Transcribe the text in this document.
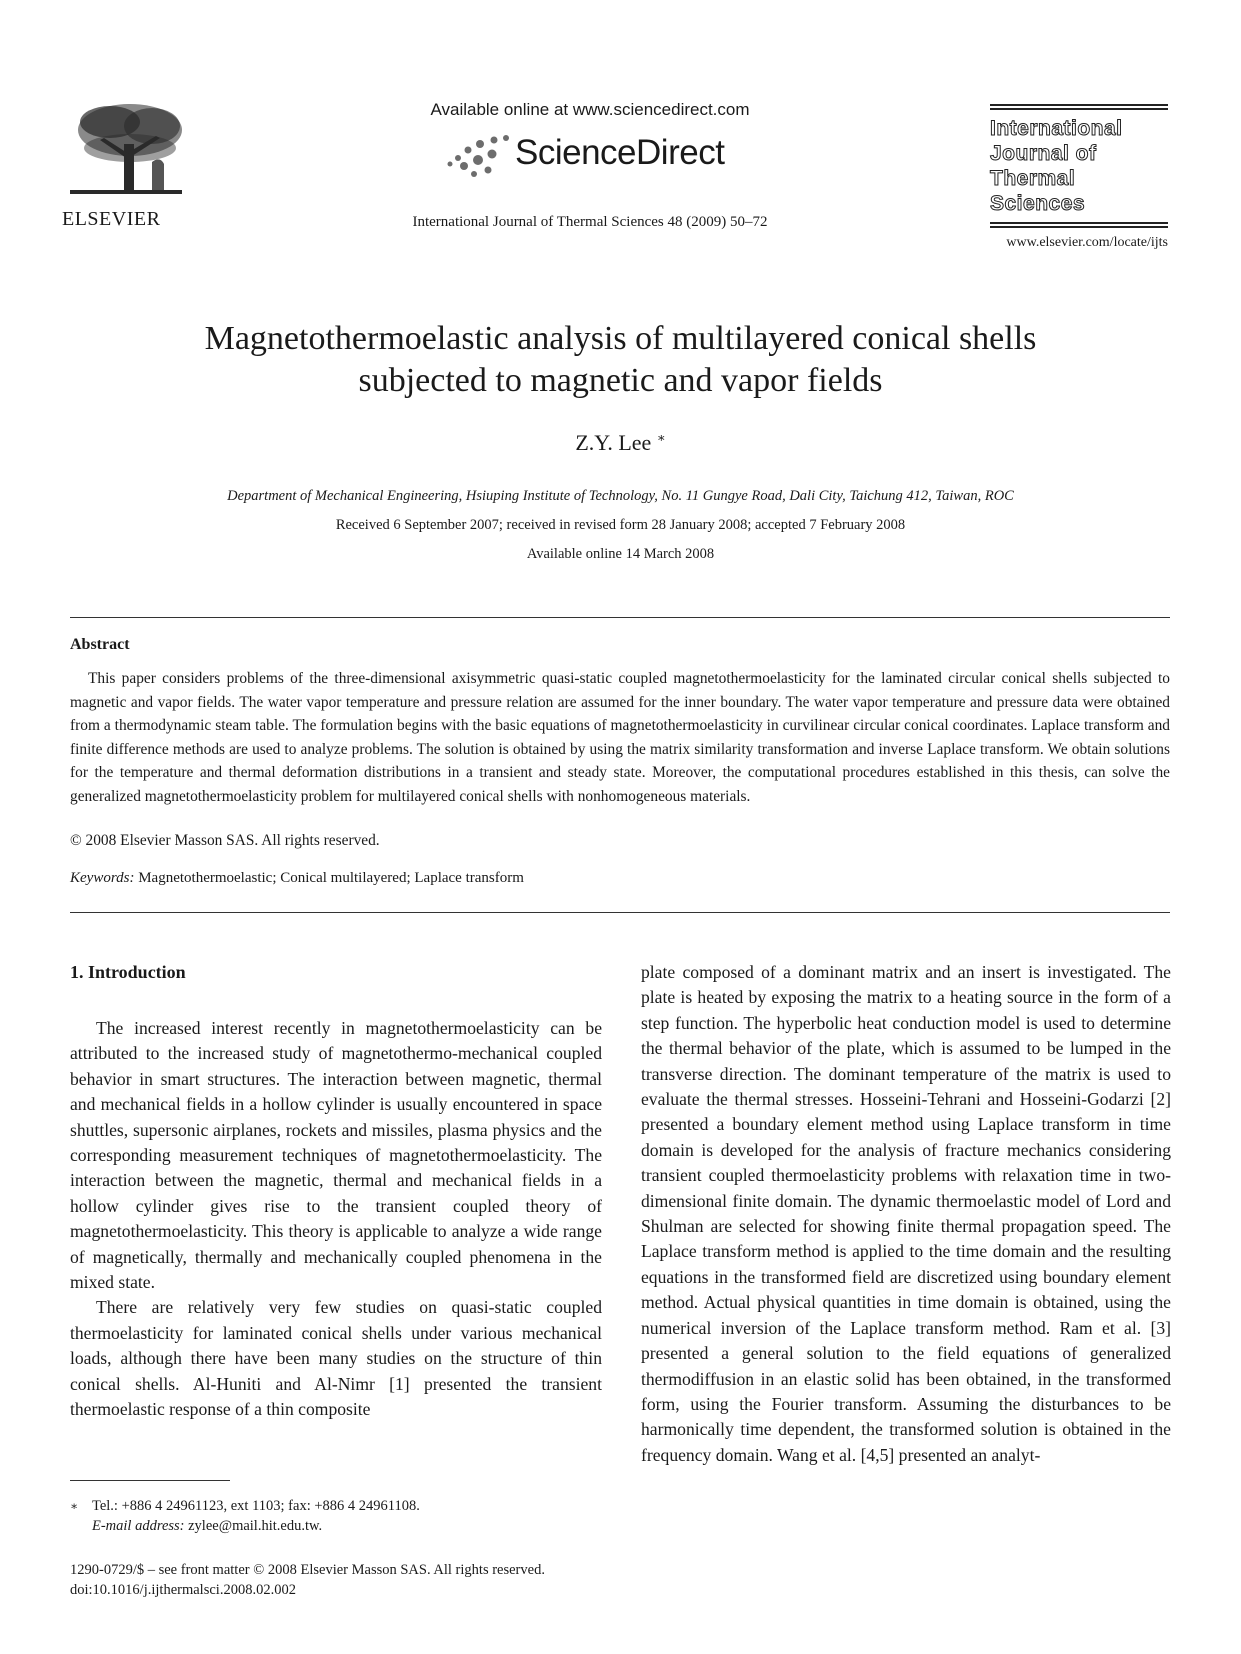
ELSEVIER
Available online at www.sciencedirect.com
ScienceDirect
International Journal of Thermal Sciences 48 (2009) 50–72
International
Journal of
Thermal
Sciences
www.elsevier.com/locate/ijts
Magnetothermoelastic analysis of multilayered conical shells
subjected to magnetic and vapor fields
Z.Y. Lee ∗
Department of Mechanical Engineering, Hsiuping Institute of Technology, No. 11 Gungye Road, Dali City, Taichung 412, Taiwan, ROC
Received 6 September 2007; received in revised form 28 January 2008; accepted 7 February 2008
Available online 14 March 2008
Abstract
This paper considers problems of the three-dimensional axisymmetric quasi-static coupled magnetothermoelasticity for the laminated circular conical shells subjected to magnetic and vapor fields. The water vapor temperature and pressure relation are assumed for the inner boundary. The water vapor temperature and pressure data were obtained from a thermodynamic steam table. The formulation begins with the basic equations of magnetothermoelasticity in curvilinear circular conical coordinates. Laplace transform and finite difference methods are used to analyze problems. The solution is obtained by using the matrix similarity transformation and inverse Laplace transform. We obtain solutions for the temperature and thermal deformation distributions in a transient and steady state. Moreover, the computational procedures established in this thesis, can solve the generalized magnetothermoelasticity problem for multilayered conical shells with nonhomogeneous materials.
© 2008 Elsevier Masson SAS. All rights reserved.
Keywords: Magnetothermoelastic; Conical multilayered; Laplace transform
1. Introduction

The increased interest recently in magnetothermoelasticity can be attributed to the increased study of magnetothermo-mechanical coupled behavior in smart structures. The interaction between magnetic, thermal and mechanical fields in a hollow cylinder is usually encountered in space shuttles, supersonic airplanes, rockets and missiles, plasma physics and the corresponding measurement techniques of magnetothermoelasticity. The interaction between the magnetic, thermal and mechanical fields in a hollow cylinder gives rise to the transient coupled theory of magnetothermoelasticity. This theory is applicable to analyze a wide range of magnetically, thermally and mechanically coupled phenomena in the mixed state.

There are relatively very few studies on quasi-static coupled thermoelasticity for laminated conical shells under various mechanical loads, although there have been many studies on the structure of thin conical shells. Al-Huniti and Al-Nimr [1] presented the transient thermoelastic response of a thin composite

plate composed of a dominant matrix and an insert is investigated. The plate is heated by exposing the matrix to a heating source in the form of a step function. The hyperbolic heat conduction model is used to determine the thermal behavior of the plate, which is assumed to be lumped in the transverse direction. The dominant temperature of the matrix is used to evaluate the thermal stresses. Hosseini-Tehrani and Hosseini-Godarzi [2] presented a boundary element method using Laplace transform in time domain is developed for the analysis of fracture mechanics considering transient coupled thermoelasticity problems with relaxation time in two-dimensional finite domain. The dynamic thermoelastic model of Lord and Shulman are selected for showing finite thermal propagation speed. The Laplace transform method is applied to the time domain and the resulting equations in the transformed field are discretized using boundary element method. Actual physical quantities in time domain is obtained, using the numerical inversion of the Laplace transform method. Ram et al. [3] presented a general solution to the field equations of generalized thermodiffusion in an elastic solid has been obtained, in the transformed form, using the Fourier transform. Assuming the disturbances to be harmonically time dependent, the transformed solution is obtained in the frequency domain. Wang et al. [4,5] presented an analyt-

∗ Tel.: +886 4 24961123, ext 1103; fax: +886 4 24961108.
E-mail address: zylee@mail.hit.edu.tw.
1290-0729/$ – see front matter © 2008 Elsevier Masson SAS. All rights reserved.
doi:10.1016/j.ijthermalsci.2008.02.002
